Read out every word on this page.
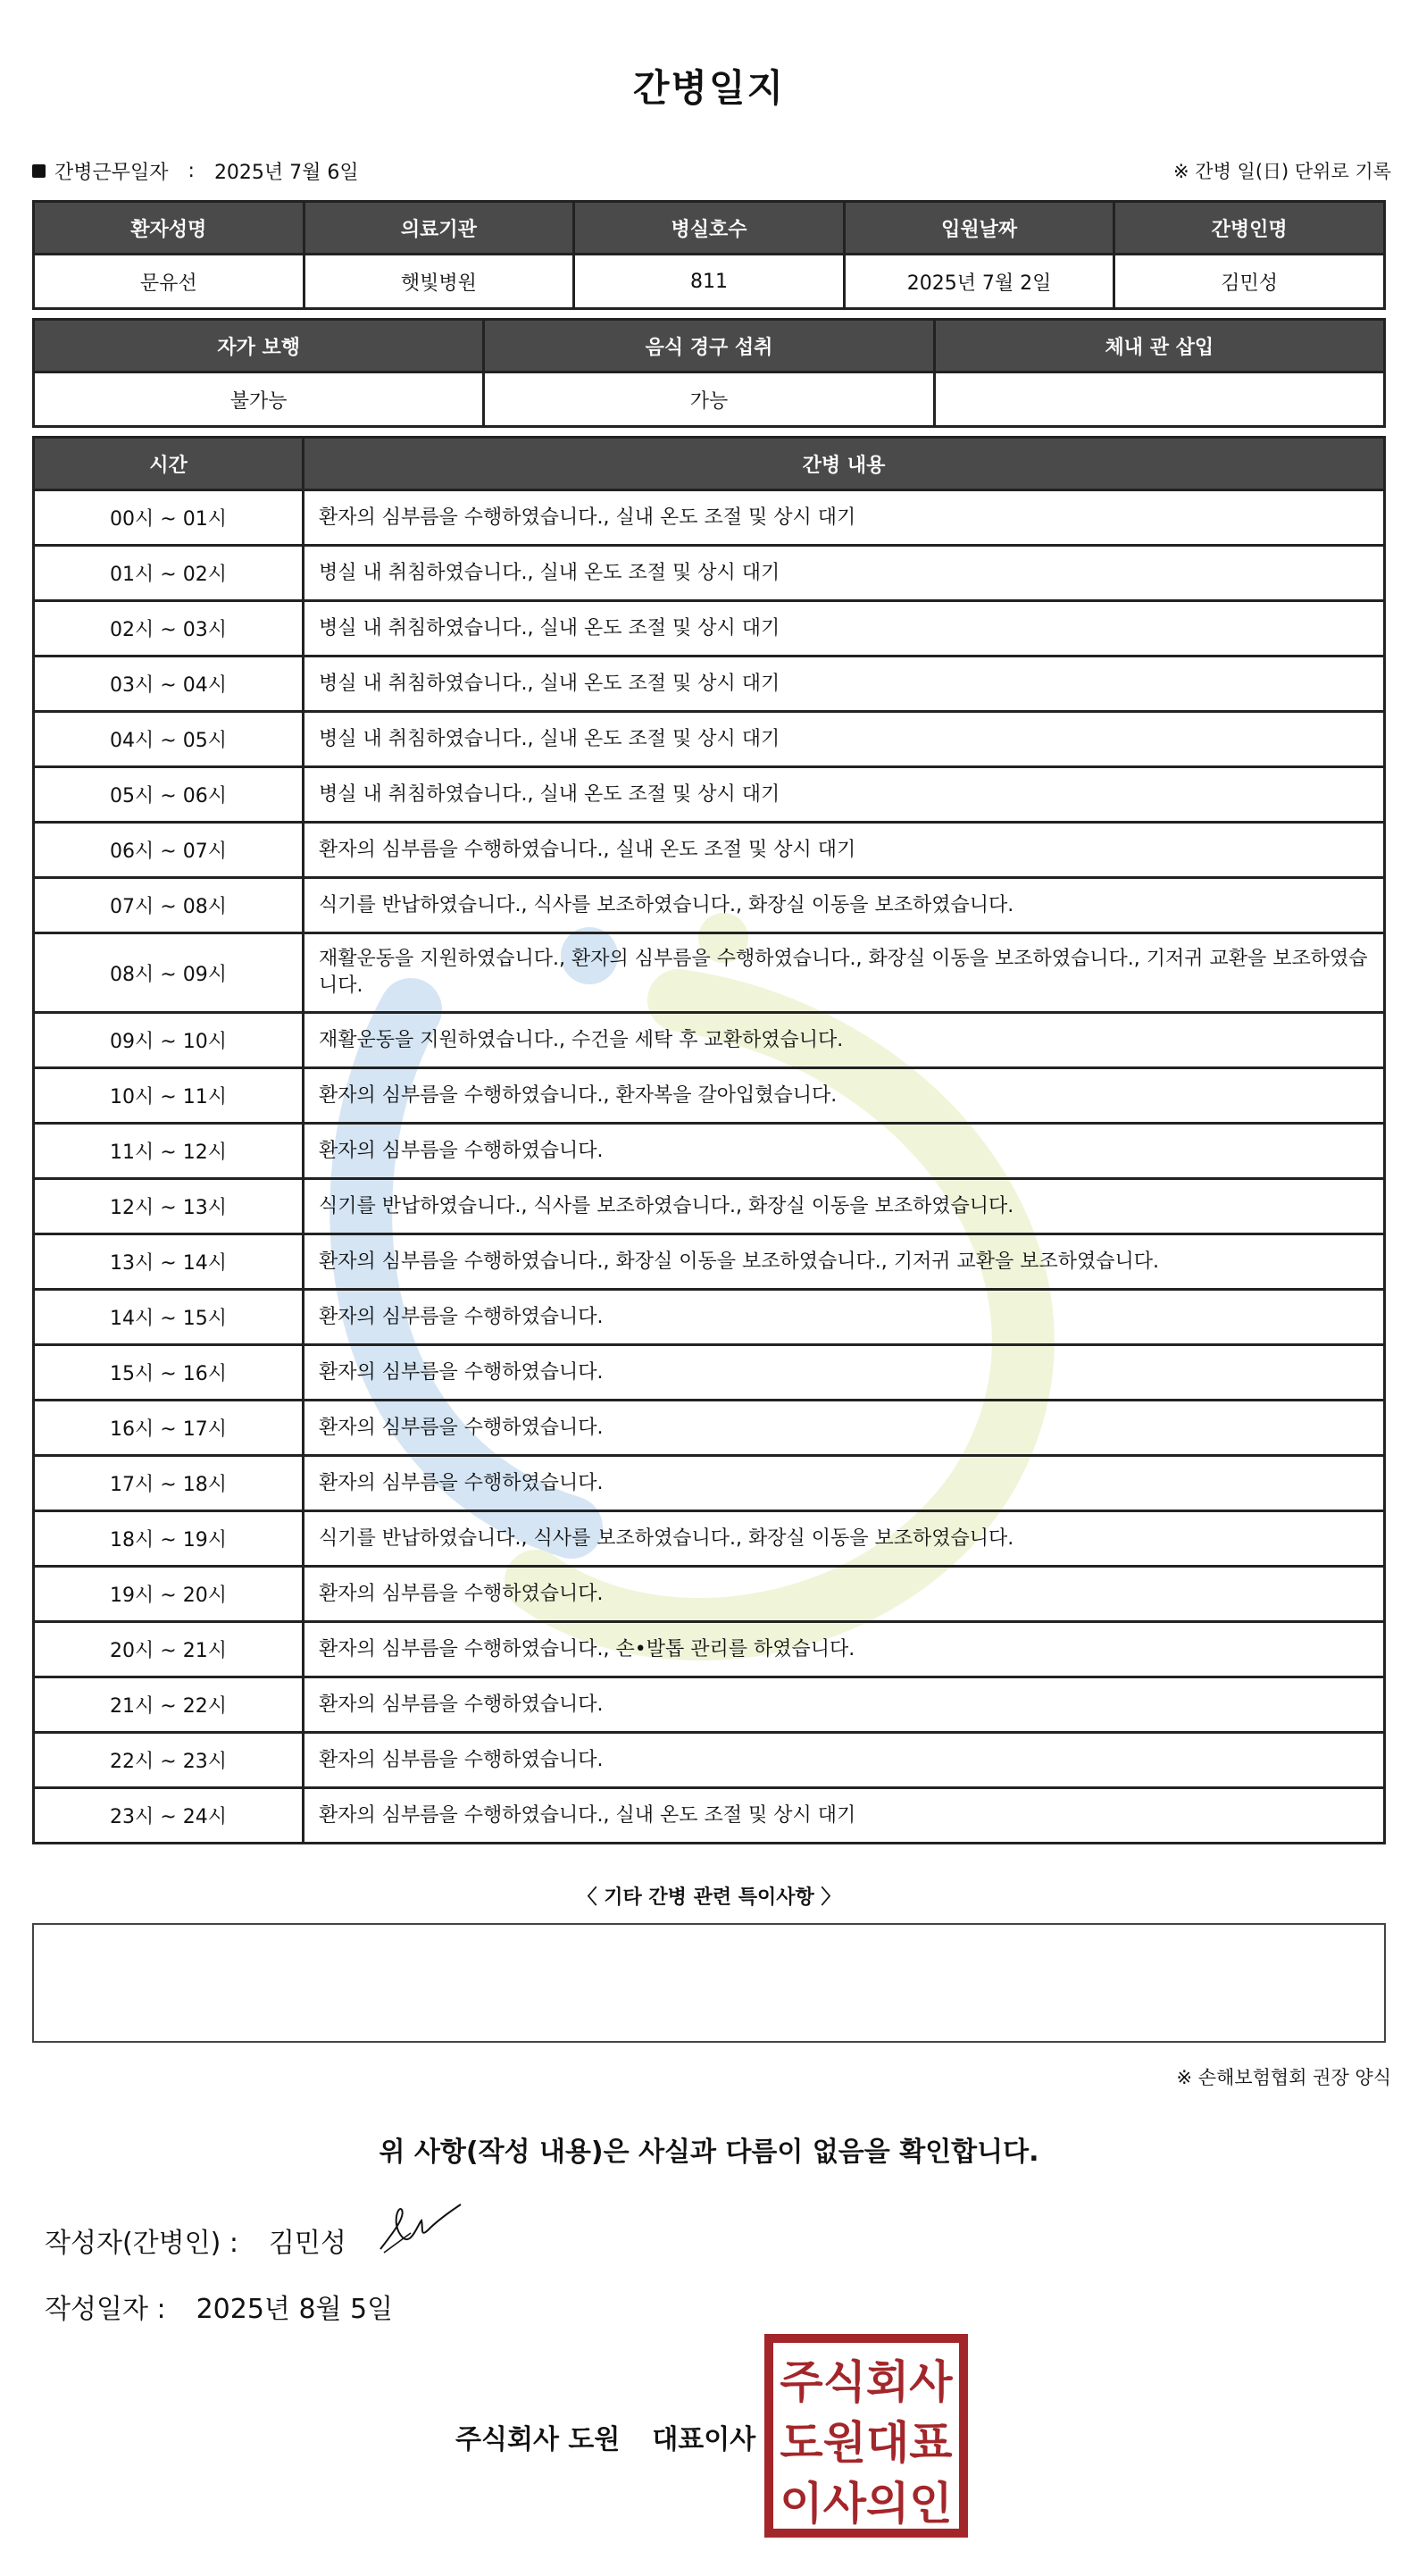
간병일지
간병근무일자 : 2025년 7월 6일	※ 간병 일(日) 단위로 기록
환자성명	의료기관	병실호수	입원날짜	간병인명
문유선	햇빛병원	811	2025년 7월 2일	김민성
자가 보행	음식 경구 섭취	체내 관 삽입
불가능	가능	
시간	간병 내용
00시 ~ 01시	환자의 심부름을 수행하였습니다., 실내 온도 조절 및 상시 대기
01시 ~ 02시	병실 내 취침하였습니다., 실내 온도 조절 및 상시 대기
02시 ~ 03시	병실 내 취침하였습니다., 실내 온도 조절 및 상시 대기
03시 ~ 04시	병실 내 취침하였습니다., 실내 온도 조절 및 상시 대기
04시 ~ 05시	병실 내 취침하였습니다., 실내 온도 조절 및 상시 대기
05시 ~ 06시	병실 내 취침하였습니다., 실내 온도 조절 및 상시 대기
06시 ~ 07시	환자의 심부름을 수행하였습니다., 실내 온도 조절 및 상시 대기
07시 ~ 08시	식기를 반납하였습니다., 식사를 보조하였습니다., 화장실 이동을 보조하였습니다.
08시 ~ 09시	재활운동을 지원하였습니다., 환자의 심부름을 수행하였습니다., 화장실 이동을 보조하였습니다., 기저귀 교환을 보조하였습니다.
09시 ~ 10시	재활운동을 지원하였습니다., 수건을 세탁 후 교환하였습니다.
10시 ~ 11시	환자의 심부름을 수행하였습니다., 환자복을 갈아입혔습니다.
11시 ~ 12시	환자의 심부름을 수행하였습니다.
12시 ~ 13시	식기를 반납하였습니다., 식사를 보조하였습니다., 화장실 이동을 보조하였습니다.
13시 ~ 14시	환자의 심부름을 수행하였습니다., 화장실 이동을 보조하였습니다., 기저귀 교환을 보조하였습니다.
14시 ~ 15시	환자의 심부름을 수행하였습니다.
15시 ~ 16시	환자의 심부름을 수행하였습니다.
16시 ~ 17시	환자의 심부름을 수행하였습니다.
17시 ~ 18시	환자의 심부름을 수행하였습니다.
18시 ~ 19시	식기를 반납하였습니다., 식사를 보조하였습니다., 화장실 이동을 보조하였습니다.
19시 ~ 20시	환자의 심부름을 수행하였습니다.
20시 ~ 21시	환자의 심부름을 수행하였습니다., 손•발톱 관리를 하였습니다.
21시 ~ 22시	환자의 심부름을 수행하였습니다.
22시 ~ 23시	환자의 심부름을 수행하였습니다.
23시 ~ 24시	환자의 심부름을 수행하였습니다., 실내 온도 조절 및 상시 대기
〈 기타 간병 관련 특이사항 〉
※ 손해보험협회 권장 양식
위 사항(작성 내용)은 사실과 다름이 없음을 확인합니다.
작성자(간병인) : 김민성
작성일자 : 2025년 8월 5일
주식회사 도원 대표이사
주식회사
도원대표
이사의인
